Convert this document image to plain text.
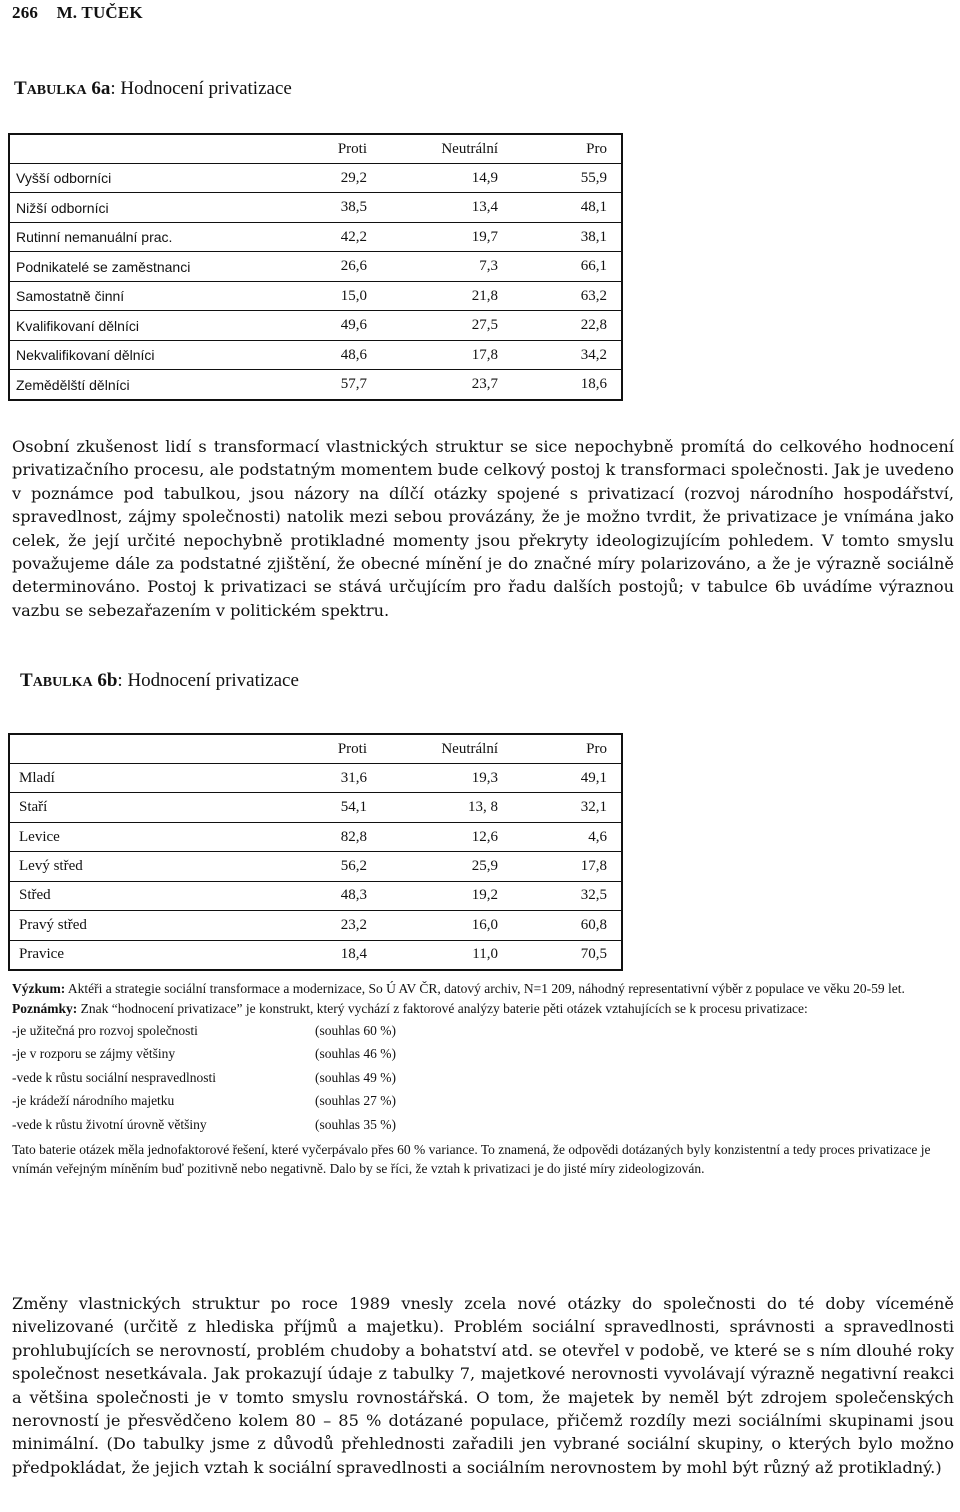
266 M. TUČEK
TABULKA 6a: Hodnocení privatizace
	Proti	Neutrální	Pro
Vyšší odborníci	29,2	14,9	55,9
Nižší odborníci	38,5	13,4	48,1
Rutinní nemanuální prac.	42,2	19,7	38,1
Podnikatelé se zaměstnanci	26,6	7,3	66,1
Samostatně činní	15,0	21,8	63,2
Kvalifikovaní dělníci	49,6	27,5	22,8
Nekvalifikovaní dělníci	48,6	17,8	34,2
Zemědělští dělníci	57,7	23,7	18,6
Osobní zkušenost lidí s transformací vlastnických struktur se sice nepochybně promítá do celkového hodnocení privatizačního procesu, ale podstatným momentem bude celkový postoj k transformaci společnosti. Jak je uvedeno v poznámce pod tabulkou, jsou názory na dílčí otázky spojené s privatizací (rozvoj národního hospodářství, spravedlnost, zájmy společnosti) natolik mezi sebou provázány, že je možno tvrdit, že privatizace je vnímána jako celek, že její určité nepochybně protikladné momenty jsou překryty ideologizujícím pohledem. V tomto smyslu považujeme dále za podstatné zjištění, že obecné mínění je do značné míry polarizováno, a že je výrazně sociálně determinováno. Postoj k privatizaci se stává určujícím pro řadu dalších postojů; v tabulce 6b uvádíme výraznou vazbu se sebezařazením v politickém spektru.
TABULKA 6b: Hodnocení privatizace
	Proti	Neutrální	Pro
Mladí	31,6	19,3	49,1
Staří	54,1	13, 8	32,1
Levice	82,8	12,6	4,6
Levý střed	56,2	25,9	17,8
Střed	48,3	19,2	32,5
Pravý střed	23,2	16,0	60,8
Pravice	18,4	11,0	70,5
Výzkum: Aktéři a strategie sociální transformace a modernizace, So Ú AV ČR, datový archiv, N=1 209, náhodný representativní výběr z populace ve věku 20-59 let.
Poznámky: Znak “hodnocení privatizace” je konstrukt, který vychází z faktorové analýzy baterie pěti otázek vztahujících se k procesu privatizace:
-je užitečná pro rozvoj společnosti	(souhlas 60 %)
-je v rozporu se zájmy většiny	(souhlas 46 %)
-vede k růstu sociální nespravedlnosti	(souhlas 49 %)
-je krádeží národního majetku	(souhlas 27 %)
-vede k růstu životní úrovně většiny	(souhlas 35 %)
Tato baterie otázek měla jednofaktorové řešení, které vyčerpávalo přes 60 % variance. To znamená, že odpovědi dotázaných byly konzistentní a tedy proces privatizace je vnímán veřejným míněním buď pozitivně nebo negativně. Dalo by se říci, že vztah k privatizaci je do jisté míry zideologizován.
Změny vlastnických struktur po roce 1989 vnesly zcela nové otázky do společnosti do té doby víceméně nivelizované (určitě z hlediska příjmů a majetku). Problém sociální spravedlnosti, správnosti a spravedlnosti prohlubujících se nerovností, problém chudoby a bohatství atd. se otevřel v podobě, ve které se s ním dlouhé roky společnost nesetkávala. Jak prokazují údaje z tabulky 7, majetkové nerovnosti vyvolávají výrazně negativní reakci a většina společnosti je v tomto smyslu rovnostářská. O tom, že majetek by neměl být zdrojem společenských nerovností je přesvědčeno kolem 80 – 85 % dotázané populace, přičemž rozdíly mezi sociálními skupinami jsou minimální. (Do tabulky jsme z důvodů přehlednosti zařadili jen vybrané sociální skupiny, o kterých bylo možno předpokládat, že jejich vztah k sociální spravedlnosti a sociálním nerovnostem by mohl být různý až protikladný.)
